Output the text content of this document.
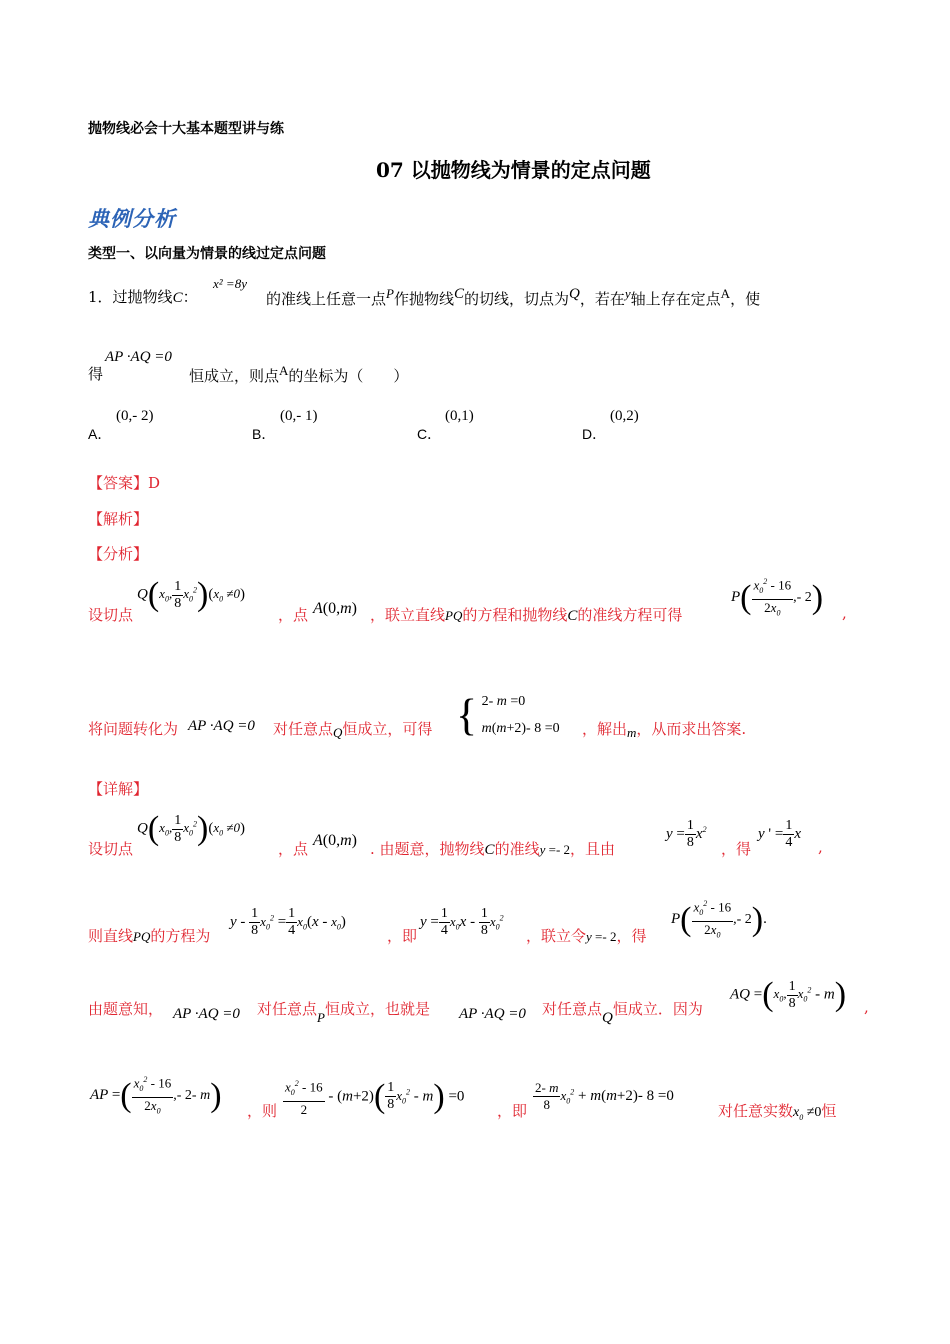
抛物线必会十大基本题型讲与练
07 以抛物线为情景的定点问题
典例分析
类型一、以向量为情景的线过定点问题
1．过抛物线C：
x² =8y
的准线上任意一点P作抛物线C的切线，切点为Q，若在y轴上存在定点A，使
得
AP ·AQ =0
恒成立，则点A的坐标为（　　）
A．
(0,- 2)
B．
(0,- 1)
C．
(0,1)
D．
(0,2)
【答案】D
【解析】
【分析】
设切点
$Q(x_0$, $\frac{1}{8} x_0^2)(x_0 \ne 0)$
，点 A(0,m) ，联立直线PQ的方程和抛物线C的准线方程可得
$P( \frac{x_0^2 - 16}{2x_0}$ ,- 2) ,
将问题转化为 AP ·AQ =0 对任意点Q恒成立，可得 { 2- m =0
m(m+2)- 8 =0 ，解出m，从而求出答案.
【详解】
设切点
$Q(x_0$, $\frac{1}{8} x_0^2)(x_0 \ne 0)$
，点 A(0,m) . 由题意，抛物线C的准线y =- 2，且由
$y = \frac{1}{8} x^2$
，得
y ' = $\frac{1}{4}$ x
,
则直线PQ的方程为
$y - \frac{1}{8} x_0^2 = \frac{1}{4} x_0(x - x_0)$
，即
$y = \frac{1}{4} x_0x - \frac{1}{8} x_0^2$
，联立令y =- 2，得
$P( \frac{x_0^2 - 16}{2x_0}$ ,- 2).
由题意知， AP ·AQ =0 对任意点P恒成立，也就是 AP ·AQ =0 对任意点Q恒成立．因为
AQ $=(x_0$, $\frac{1}{8} x_0^2 - m$) ,
AP =( $\frac{x_0^2 - 16}{2x_0}$ ,- 2- m) ，则 $\frac{x_0^2 - 16}{2} - (m+2)( \frac{1}{8} x_0^2 - m) =0$
，即 $\frac{2- m}{8} x_0^2 + m(m+2)-$ 8 =0
对任意实数$x_0 \ne 0$恒
